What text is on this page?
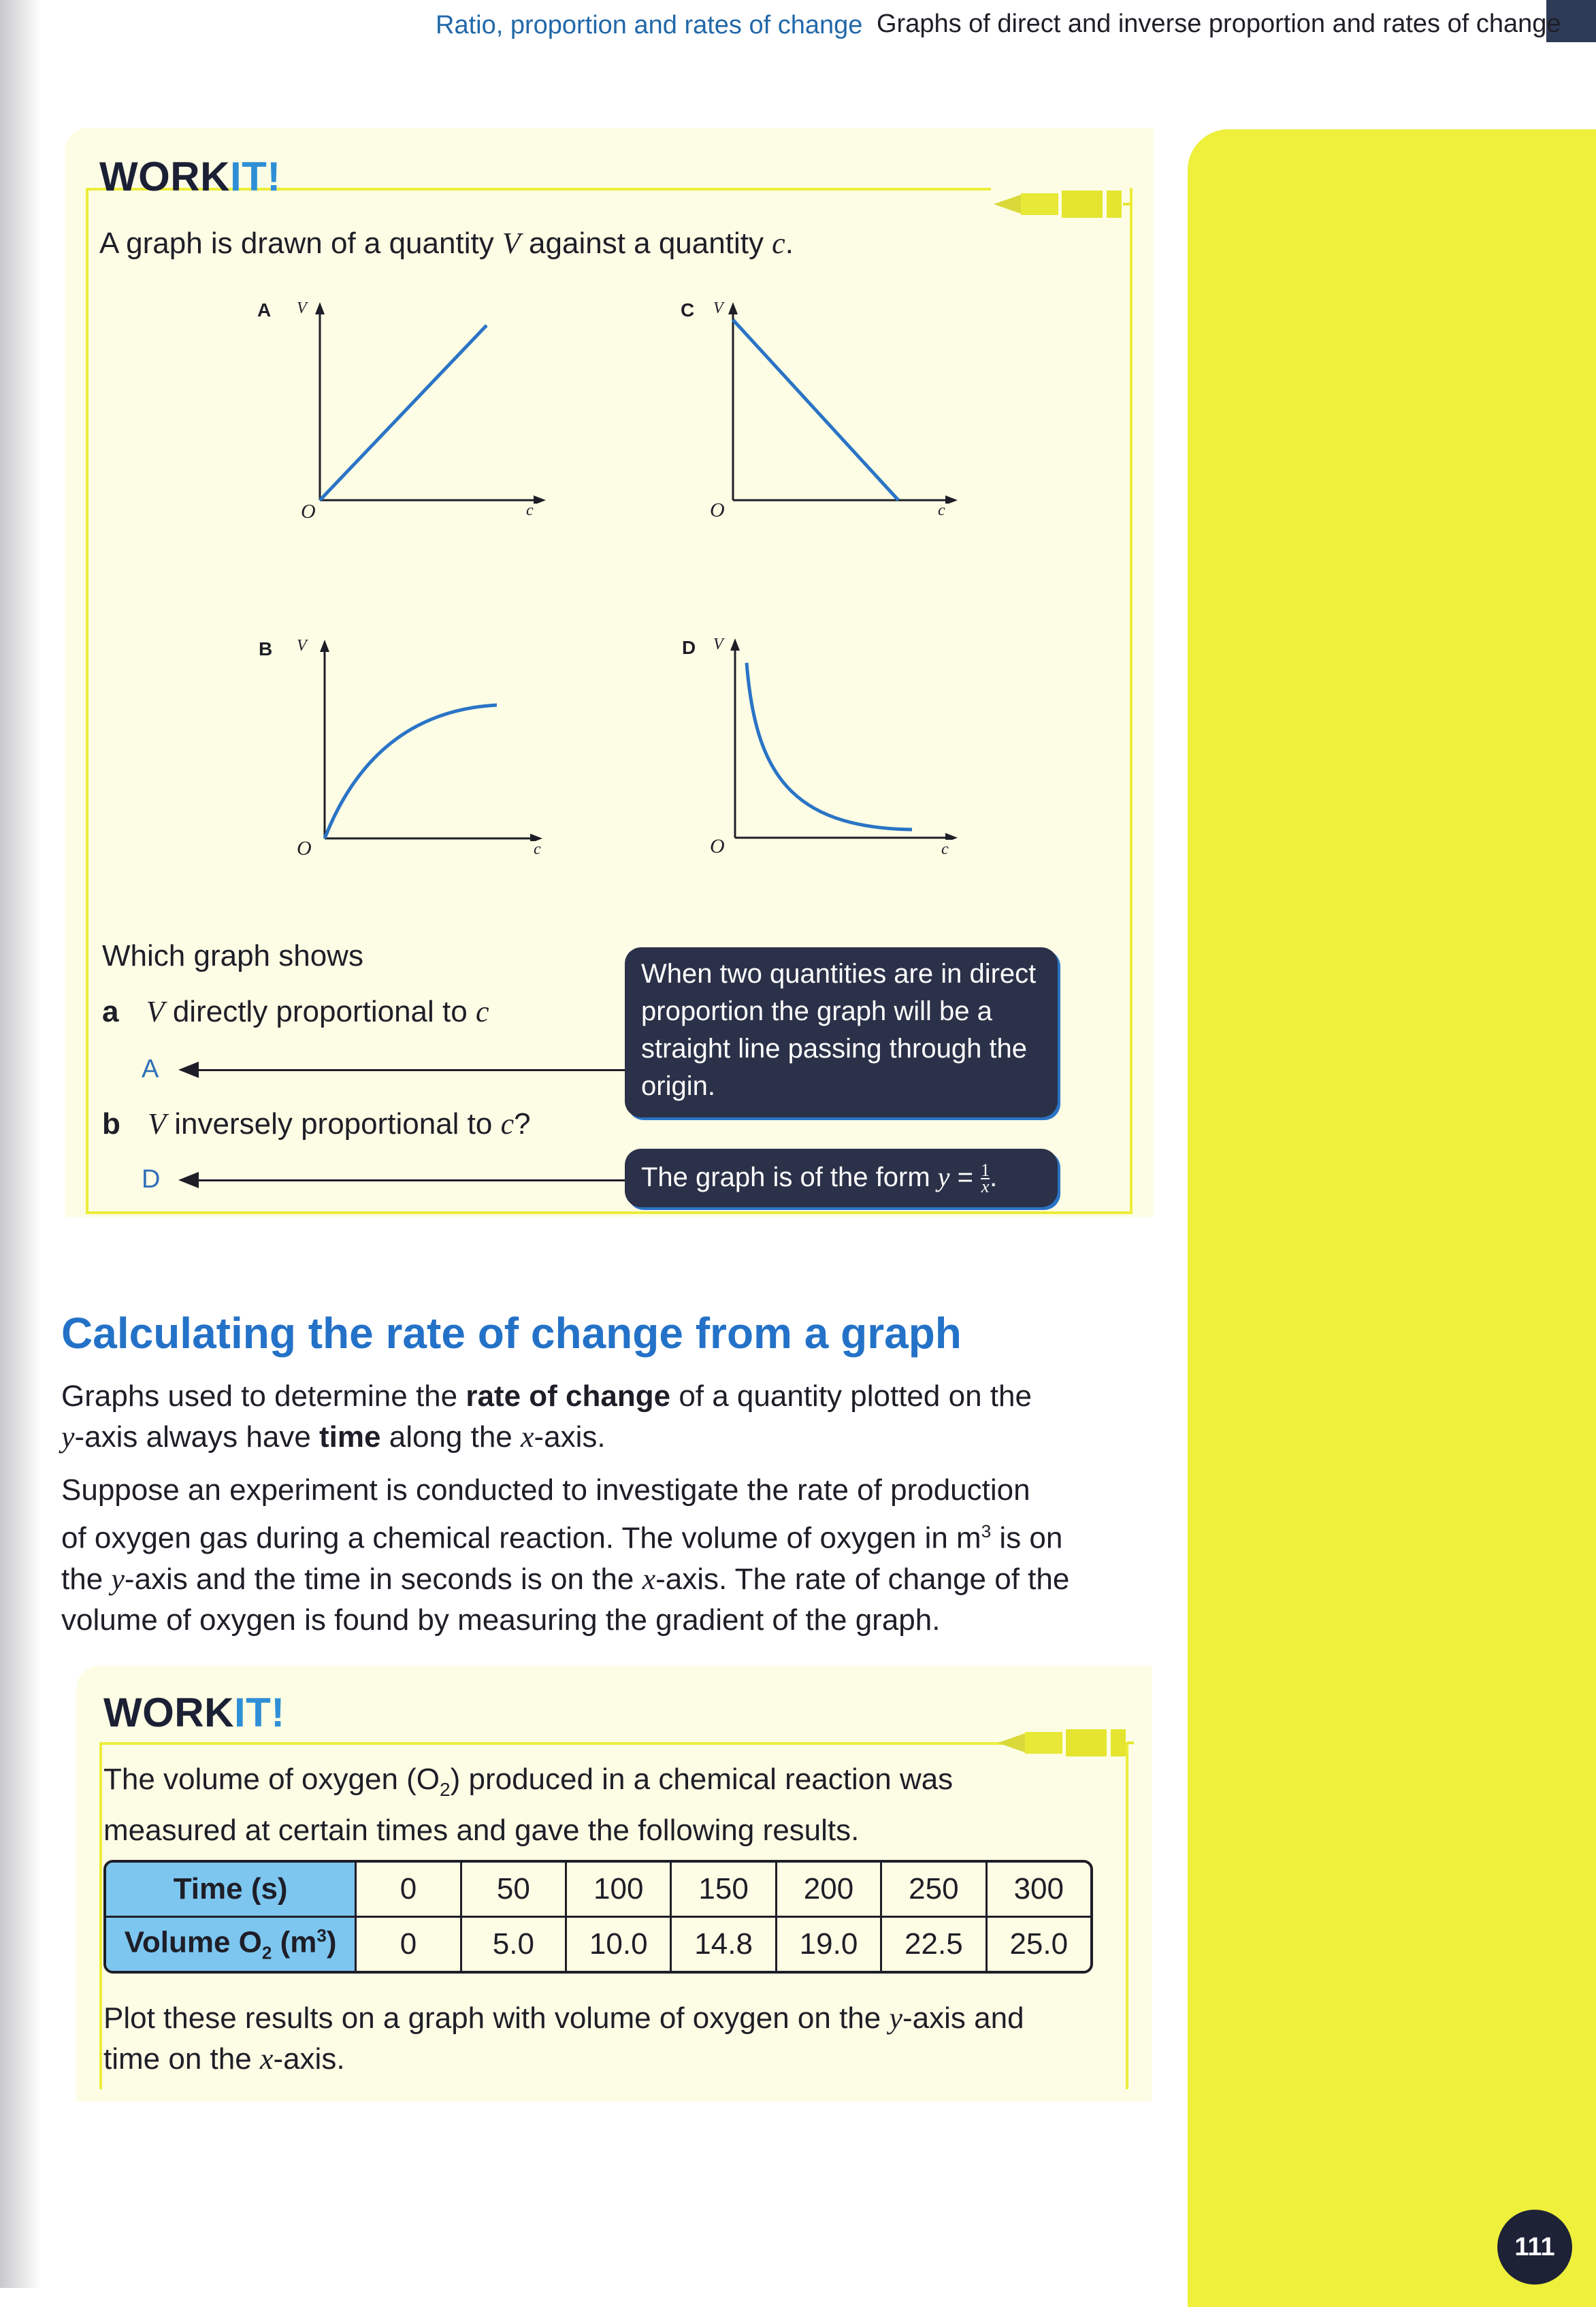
Ratio, proportion and rates of change Graphs of direct and inverse proportion and rates of change
WORKIT!
A graph is drawn of a quantity V against a quantity c.
A V
O	c
C V
O	c
B V
O	c
D V
O	c
Which graph shows
a V directly proportional to c
A
b V inversely proportional to c?
D
When two quantities are in direct proportion the graph will be a straight line passing through the origin.
The graph is of the form $y = \frac{1}{x}$ .
Calculating the rate of change from a graph
Graphs used to determine the rate of change of a quantity plotted on the
y-axis always have time along the x-axis.
Suppose an experiment is conducted to investigate the rate of production
of oxygen gas during a chemical reaction. The volume of oxygen in $m^3$ is on
the y-axis and the time in seconds is on the x-axis. The rate of change of the
volume of oxygen is found by measuring the gradient of the graph.
WORKIT!
The volume of oxygen $(O_2)$ produced in a chemical reaction was
measured at certain times and gave the following results.
Time (s)	0	50	100	150	200	250	300
Volume $O_2$ $(m^3)$	0	5.0	10.0	14.8	19.0	22.5	25.0
Plot these results on a graph with volume of oxygen on the y-axis and
time on the x-axis.
111
